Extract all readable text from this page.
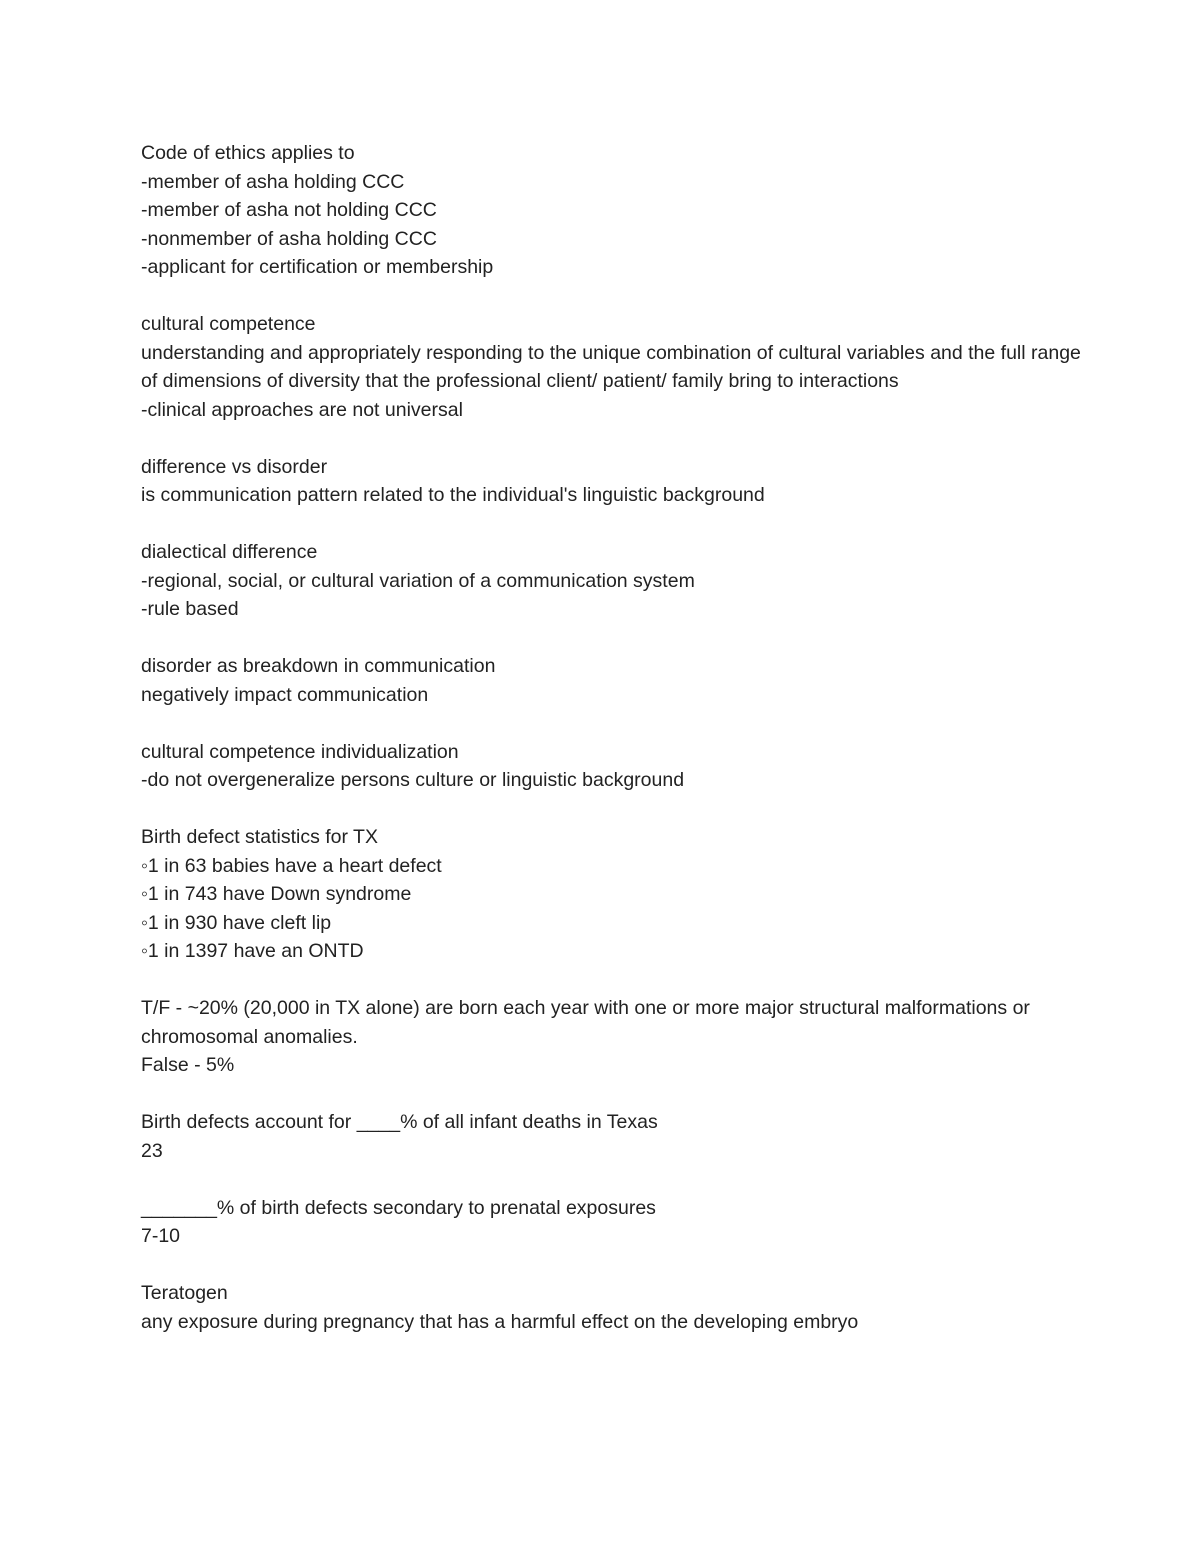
Code of ethics applies to
-member of asha holding CCC
-member of asha not holding CCC
-nonmember of asha holding CCC
-applicant for certification or membership
cultural competence
understanding and appropriately responding to the unique combination of cultural variables and the full range of dimensions of diversity that the professional client/ patient/ family bring to interactions
-clinical approaches are not universal
difference vs disorder
is communication pattern related to the individual's linguistic background
dialectical difference
-regional, social, or cultural variation of a communication system
-rule based
disorder as breakdown in communication
negatively impact communication
cultural competence individualization
-do not overgeneralize persons culture or linguistic background
Birth defect statistics for TX
◦1 in 63 babies have a heart defect
◦1 in 743 have Down syndrome
◦1 in 930 have cleft lip
◦1 in 1397 have an ONTD
T/F - ~20% (20,000 in TX alone) are born each year with one or more major structural malformations or chromosomal anomalies.
False - 5%
Birth defects account for ____% of all infant deaths in Texas
23
_______% of birth defects secondary to prenatal exposures
7-10
Teratogen
any exposure during pregnancy that has a harmful effect on the developing embryo
